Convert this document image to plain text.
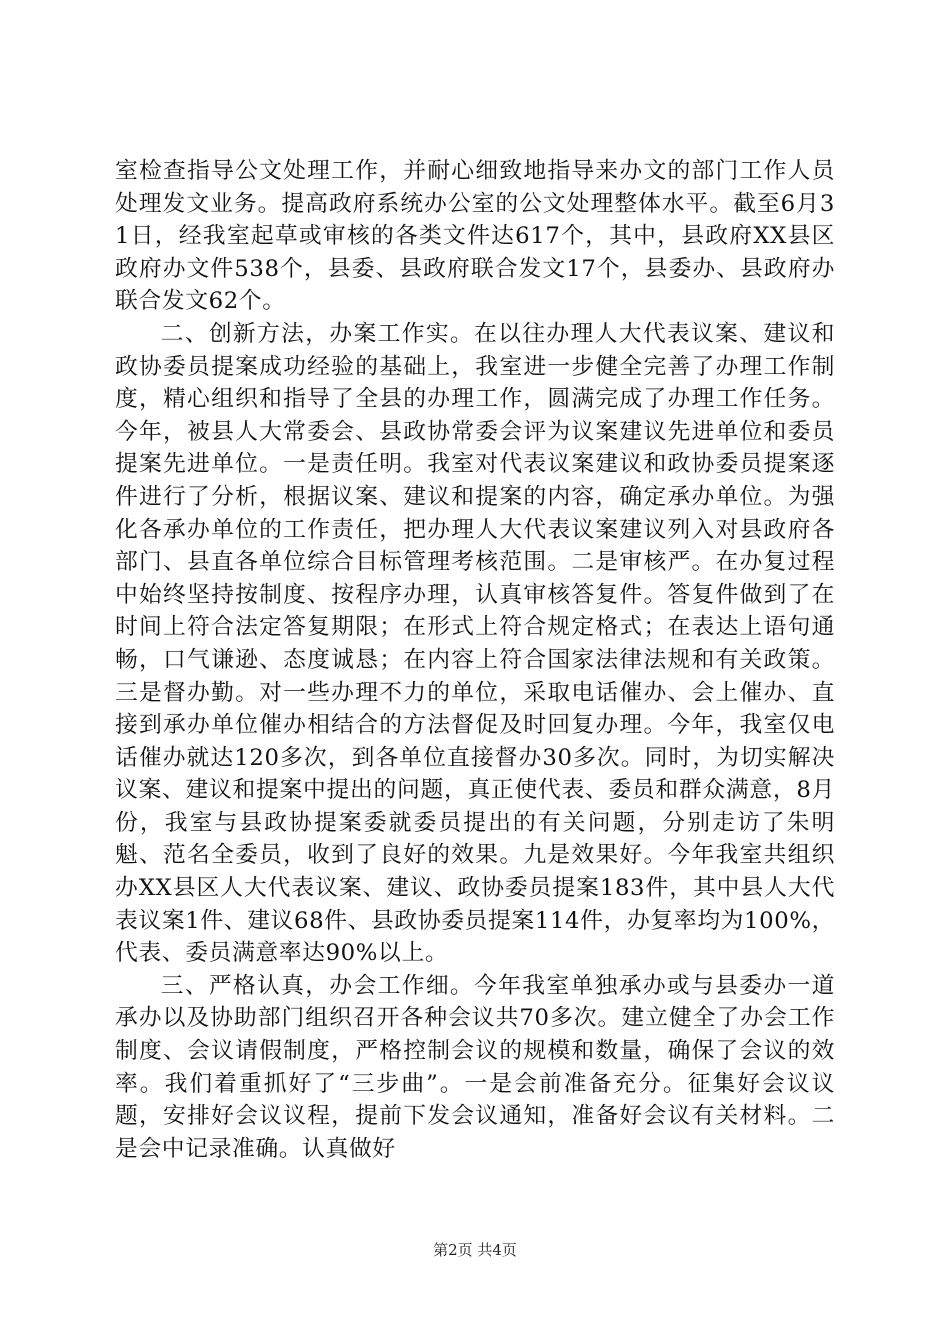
室检查指导公文处理工作，并耐心细致地指导来办文的部门工作人员处理发文业务。提高政府系统办公室的公文处理整体水平。截至6月31日，经我室起草或审核的各类文件达617个，其中，县政府XX县区政府办文件538个，县委、县政府联合发文17个，县委办、县政府办联合发文62个。

二、创新方法，办案工作实。在以往办理人大代表议案、建议和政协委员提案成功经验的基础上，我室进一步健全完善了办理工作制度，精心组织和指导了全县的办理工作，圆满完成了办理工作任务。今年，被县人大常委会、县政协常委会评为议案建议先进单位和委员提案先进单位。一是责任明。我室对代表议案建议和政协委员提案逐件进行了分析，根据议案、建议和提案的内容，确定承办单位。为强化各承办单位的工作责任，把办理人大代表议案建议列入对县政府各部门、县直各单位综合目标管理考核范围。二是审核严。在办复过程中始终坚持按制度、按程序办理，认真审核答复件。答复件做到了在时间上符合法定答复期限；在形式上符合规定格式；在表达上语句通畅，口气谦逊、态度诚恳；在内容上符合国家法律法规和有关政策。三是督办勤。对一些办理不力的单位，采取电话催办、会上催办、直接到承办单位催办相结合的方法督促及时回复办理。今年，我室仅电话催办就达120多次，到各单位直接督办30多次。同时，为切实解决议案、建议和提案中提出的问题，真正使代表、委员和群众满意，8月份，我室与县政协提案委就委员提出的有关问题，分别走访了朱明魁、范名全委员，收到了良好的效果。九是效果好。今年我室共组织办XX县区人大代表议案、建议、政协委员提案183件，其中县人大代表议案1件、建议68件、县政协委员提案114件，办复率均为100%，代表、委员满意率达90%以上。

三、严格认真，办会工作细。今年我室单独承办或与县委办一道承办以及协助部门组织召开各种会议共70多次。建立健全了办会工作制度、会议请假制度，严格控制会议的规模和数量，确保了会议的效率。我们着重抓好了“三步曲”。一是会前准备充分。征集好会议议题，安排好会议议程，提前下发会议通知，准备好会议有关材料。二是会中记录准确。认真做好

第2页 共4页
